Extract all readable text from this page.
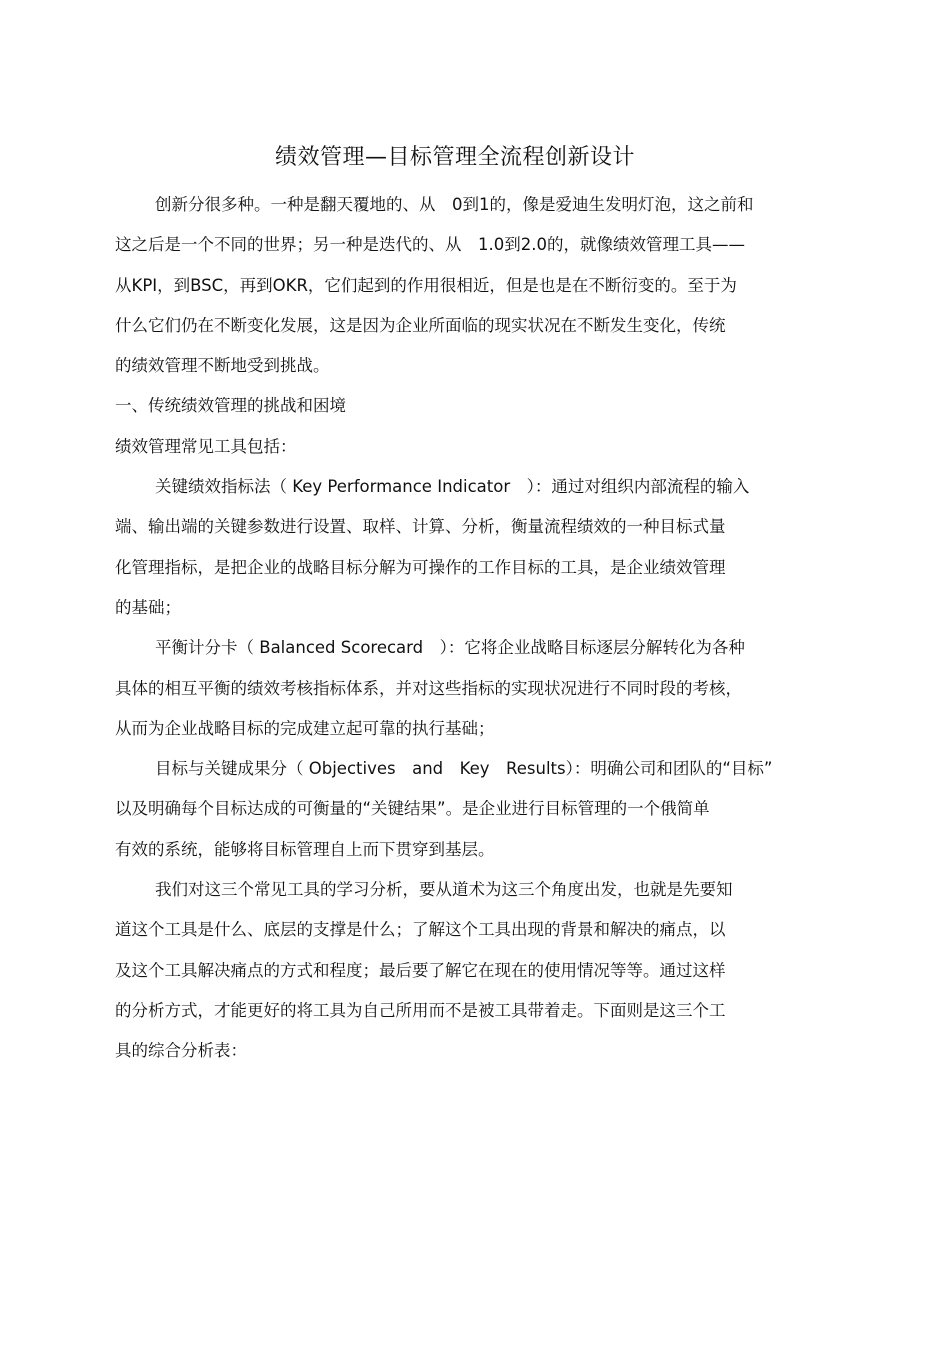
绩效管理—目标管理全流程创新设计
创新分很多种。一种是翻天覆地的、从　0到1的，像是爱迪生发明灯泡，这之前和
这之后是一个不同的世界；另一种是迭代的、从　1.0到2.0的，就像绩效管理工具——
从KPI，到BSC，再到OKR，它们起到的作用很相近，但是也是在不断衍变的。至于为
什么它们仍在不断变化发展，这是因为企业所面临的现实状况在不断发生变化，传统
的绩效管理不断地受到挑战。
一、传统绩效管理的挑战和困境
绩效管理常见工具包括：
关键绩效指标法（ Key Performance Indicator　）：通过对组织内部流程的输入
端、输出端的关键参数进行设置、取样、计算、分析，衡量流程绩效的一种目标式量
化管理指标，是把企业的战略目标分解为可操作的工作目标的工具，是企业绩效管理
的基础；
平衡计分卡（ Balanced Scorecard　）：它将企业战略目标逐层分解转化为各种
具体的相互平衡的绩效考核指标体系，并对这些指标的实现状况进行不同时段的考核，
从而为企业战略目标的完成建立起可靠的执行基础；
目标与关键成果分（ Objectives　and　Key　Results）：明确公司和团队的“目标”
以及明确每个目标达成的可衡量的“关键结果”。是企业进行目标管理的一个俄简单
有效的系统，能够将目标管理自上而下贯穿到基层。
我们对这三个常见工具的学习分析，要从道术为这三个角度出发，也就是先要知
道这个工具是什么、底层的支撑是什么；了解这个工具出现的背景和解决的痛点，以
及这个工具解决痛点的方式和程度；最后要了解它在现在的使用情况等等。通过这样
的分析方式，才能更好的将工具为自己所用而不是被工具带着走。下面则是这三个工
具的综合分析表：
